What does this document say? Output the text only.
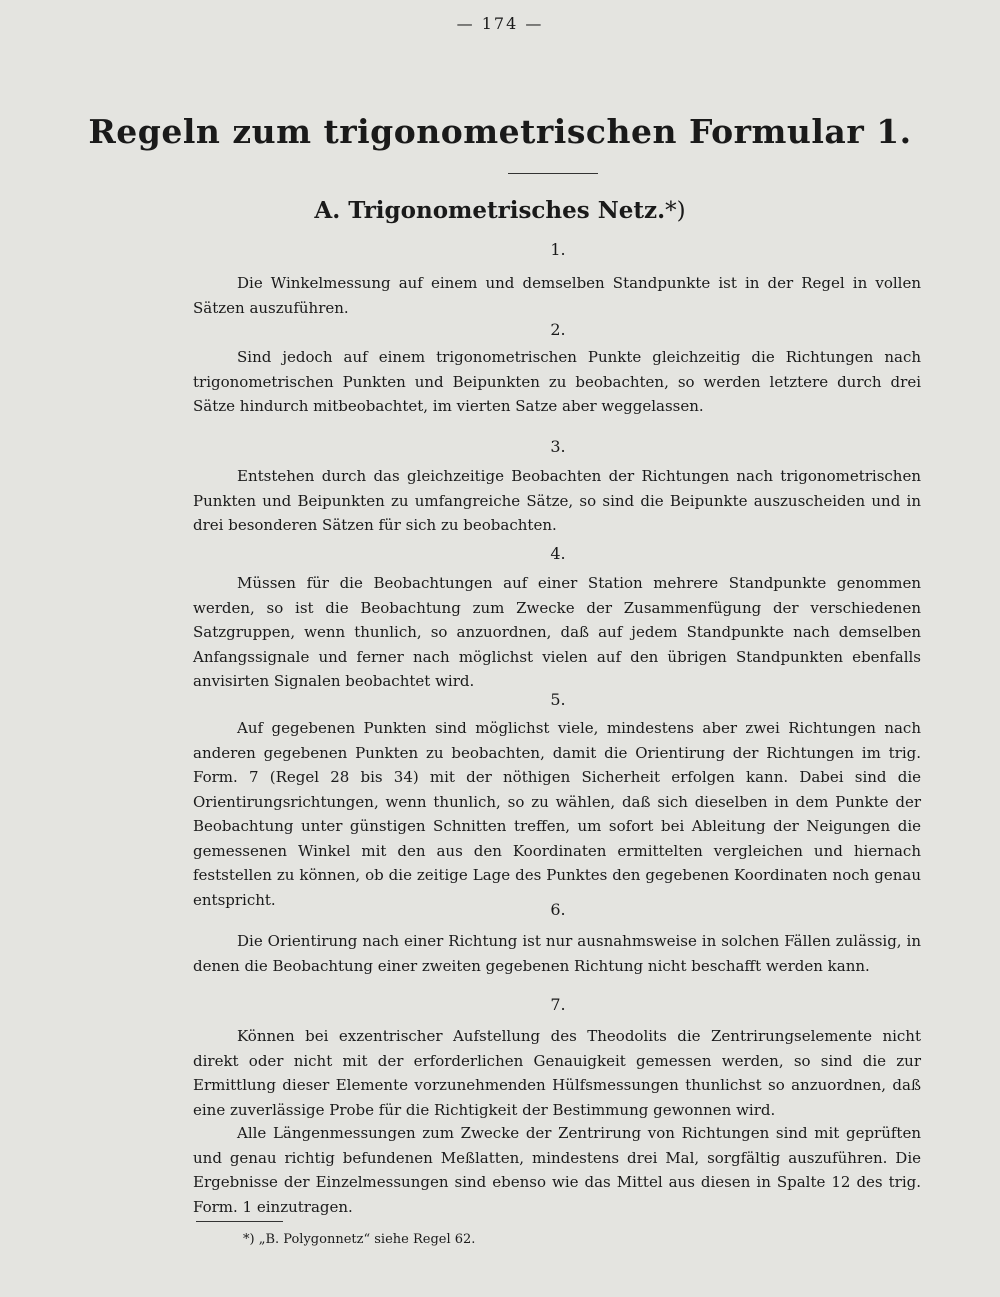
— 174 —
Regeln zum trigonometrischen Formular 1.
A. Trigonometrisches Netz.*)
1.
Die Winkelmessung auf einem und demselben Standpunkte ist in der Regel in vollen Sätzen auszuführen.
2.
Sind jedoch auf einem trigonometrischen Punkte gleichzeitig die Richtungen nach trigonometrischen Punkten und Beipunkten zu beobachten, so werden letztere durch drei Sätze hindurch mitbeobachtet, im vierten Satze aber weggelassen.
3.
Entstehen durch das gleichzeitige Beobachten der Richtungen nach trigonometrischen Punkten und Beipunkten zu umfangreiche Sätze, so sind die Beipunkte auszuscheiden und in drei besonderen Sätzen für sich zu beobachten.
4.
Müssen für die Beobachtungen auf einer Station mehrere Standpunkte genommen werden, so ist die Beobachtung zum Zwecke der Zusammenfügung der verschiedenen Satzgruppen, wenn thunlich, so anzuordnen, daß auf jedem Standpunkte nach demselben Anfangssignale und ferner nach möglichst vielen auf den übrigen Standpunkten ebenfalls anvisirten Signalen beobachtet wird.
5.
Auf gegebenen Punkten sind möglichst viele, mindestens aber zwei Richtungen nach anderen gegebenen Punkten zu beobachten, damit die Orientirung der Richtungen im trig. Form. 7 (Regel 28 bis 34) mit der nöthigen Sicherheit erfolgen kann. Dabei sind die Orientirungsrichtungen, wenn thunlich, so zu wählen, daß sich dieselben in dem Punkte der Beobachtung unter günstigen Schnitten treffen, um sofort bei Ableitung der Neigungen die gemessenen Winkel mit den aus den Koordinaten ermittelten vergleichen und hiernach feststellen zu können, ob die zeitige Lage des Punktes den gegebenen Koordinaten noch genau entspricht.
6.
Die Orientirung nach einer Richtung ist nur ausnahmsweise in solchen Fällen zulässig, in denen die Beobachtung einer zweiten gegebenen Richtung nicht beschafft werden kann.
7.
Können bei exzentrischer Aufstellung des Theodolits die Zentrirungselemente nicht direkt oder nicht mit der erforderlichen Genauigkeit gemessen werden, so sind die zur Ermittlung dieser Elemente vorzunehmenden Hülfsmessungen thunlichst so anzuordnen, daß eine zuverlässige Probe für die Richtigkeit der Bestimmung gewonnen wird.
Alle Längenmessungen zum Zwecke der Zentrirung von Richtungen sind mit geprüften und genau richtig befundenen Meßlatten, mindestens drei Mal, sorgfältig auszuführen. Die Ergebnisse der Einzelmessungen sind ebenso wie das Mittel aus diesen in Spalte 12 des trig. Form. 1 einzutragen.
*) „B. Polygonnetz“ siehe Regel 62.
